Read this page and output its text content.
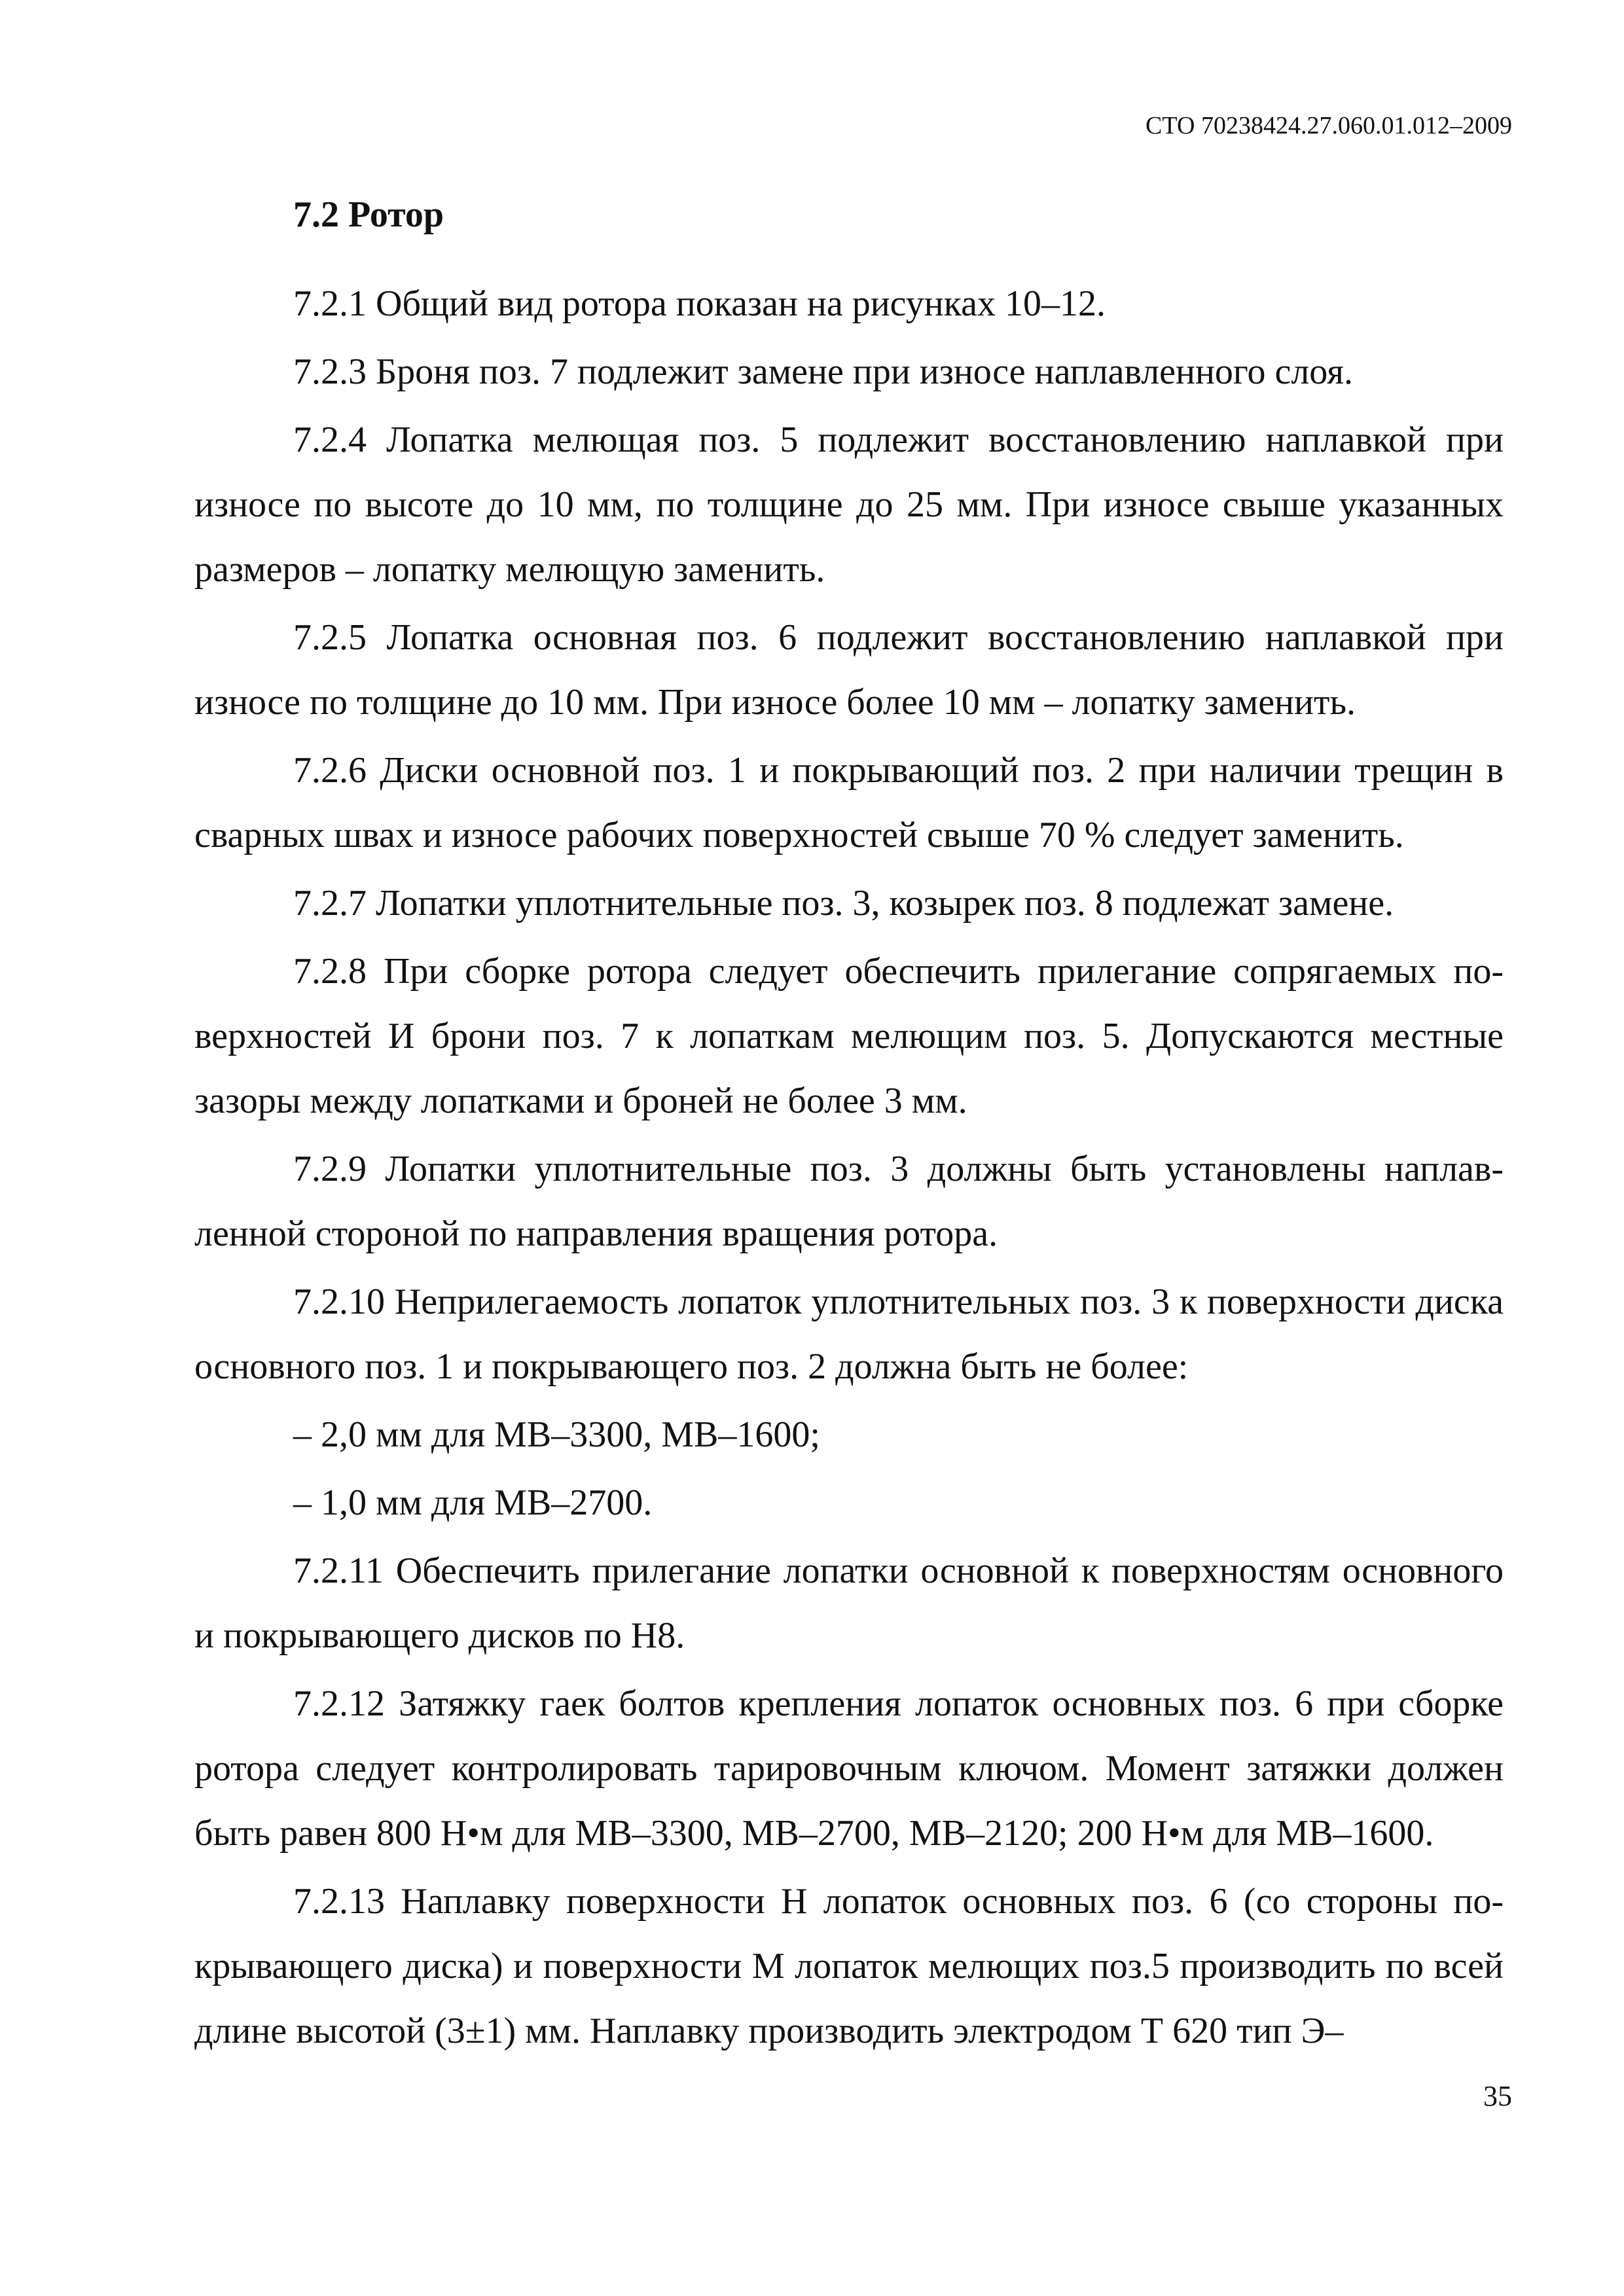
СТО 70238424.27.060.01.012–2009
7.2 Ротор

7.2.1 Общий вид ротора показан на рисунках 10–12.

7.2.3 Броня поз. 7 подлежит замене при износе наплавленного слоя.

7.2.4 Лопатка мелющая поз. 5 подлежит восстановлению наплавкой при износе по высоте до 10 мм, по толщине до 25 мм. При износе свыше указанных размеров – лопатку мелющую заменить.

7.2.5 Лопатка основная поз. 6 подлежит восстановлению наплавкой при износе по толщине до 10 мм. При износе более 10 мм – лопатку заменить.

7.2.6 Диски основной поз. 1 и покрывающий поз. 2 при наличии трещин в сварных швах и износе рабочих поверхностей свыше 70 % следует заменить.

7.2.7 Лопатки уплотнительные поз. 3, козырек поз. 8 подлежат замене.

7.2.8 При сборке ротора следует обеспечить прилегание сопрягаемых поверхностей И брони поз. 7 к лопаткам мелющим поз. 5. Допускаются местные зазоры между лопатками и броней не более 3 мм.

7.2.9 Лопатки уплотнительные поз. 3 должны быть установлены наплавленной стороной по направления вращения ротора.

7.2.10 Неприлегаемость лопаток уплотнительных поз. 3 к поверхности диска основного поз. 1 и покрывающего поз. 2 должна быть не более:

– 2,0 мм для МВ–3300, МВ–1600;

– 1,0 мм для МВ–2700.

7.2.11 Обеспечить прилегание лопатки основной к поверхностям основного и покрывающего дисков по Н8.

7.2.12 Затяжку гаек болтов крепления лопаток основных поз. 6 при сборке ротора следует контролировать тарировочным ключом. Момент затяжки должен быть равен 800 Н•м для МВ–3300, МВ–2700, МВ–2120; 200 Н•м для МВ–1600.

7.2.13 Наплавку поверхности Н лопаток основных поз. 6 (со стороны покрывающего диска) и поверхности М лопаток мелющих поз.5 производить по всей длине высотой (3±1) мм. Наплавку производить электродом Т 620 тип Э–

35
